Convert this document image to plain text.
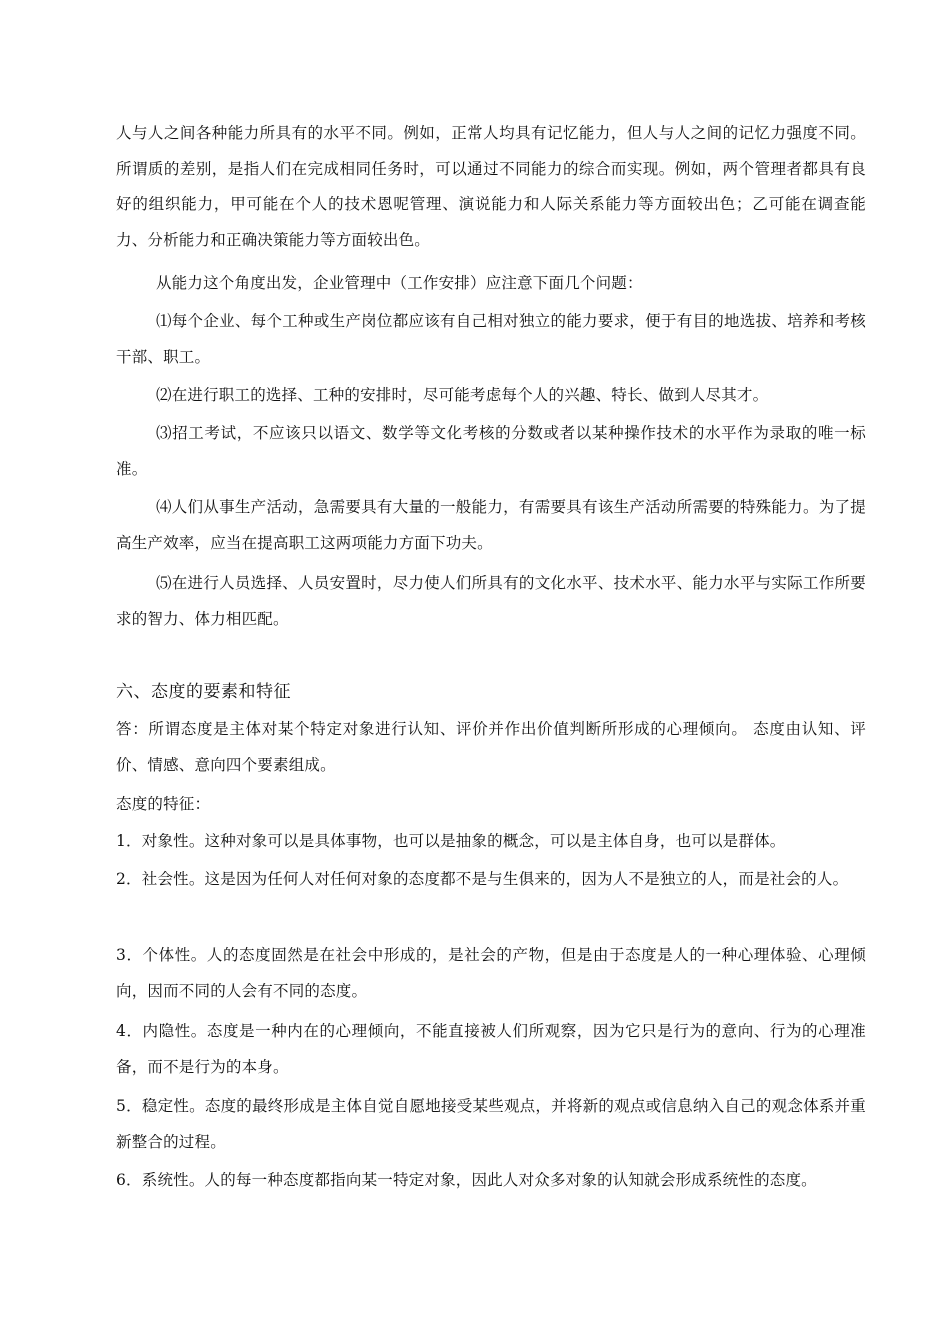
人与人之间各种能力所具有的水平不同。例如，正常人均具有记忆能力，但人与人之间的记忆力强度不同。所谓质的差别，是指人们在完成相同任务时，可以通过不同能力的综合而实现。例如，两个管理者都具有良好的组织能力，甲可能在个人的技术恩呢管理、演说能力和人际关系能力等方面较出色；乙可能在调查能力、分析能力和正确决策能力等方面较出色。
从能力这个角度出发，企业管理中（工作安排）应注意下面几个问题：
⑴每个企业、每个工种或生产岗位都应该有自己相对独立的能力要求，便于有目的地选拔、培养和考核干部、职工。
⑵在进行职工的选择、工种的安排时，尽可能考虑每个人的兴趣、特长、做到人尽其才。
⑶招工考试，不应该只以语文、数学等文化考核的分数或者以某种操作技术的水平作为录取的唯一标准。
⑷人们从事生产活动，急需要具有大量的一般能力，有需要具有该生产活动所需要的特殊能力。为了提高生产效率，应当在提高职工这两项能力方面下功夫。
⑸在进行人员选择、人员安置时，尽力使人们所具有的文化水平、技术水平、能力水平与实际工作所要求的智力、体力相匹配。
六、态度的要素和特征
答：所谓态度是主体对某个特定对象进行认知、评价并作出价值判断所形成的心理倾向。 态度由认知、评价、情感、意向四个要素组成。
态度的特征：
1．对象性。这种对象可以是具体事物，也可以是抽象的概念，可以是主体自身，也可以是群体。
2．社会性。这是因为任何人对任何对象的态度都不是与生俱来的，因为人不是独立的人，而是社会的人。
3．个体性。人的态度固然是在社会中形成的，是社会的产物，但是由于态度是人的一种心理体验、心理倾向，因而不同的人会有不同的态度。
4．内隐性。态度是一种内在的心理倾向，不能直接被人们所观察，因为它只是行为的意向、行为的心理准备，而不是行为的本身。
5．稳定性。态度的最终形成是主体自觉自愿地接受某些观点，并将新的观点或信息纳入自己的观念体系并重新整合的过程。
6．系统性。人的每一种态度都指向某一特定对象，因此人对众多对象的认知就会形成系统性的态度。
